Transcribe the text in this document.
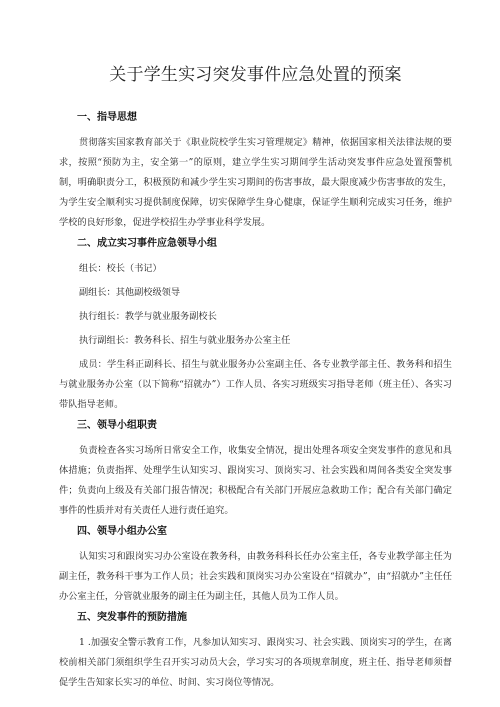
关于学生实习突发事件应急处置的预案
一、指导思想

贯彻落实国家教育部关于《职业院校学生实习管理规定》精神，依据国家相关法律法规的要求，按照“预防为主，安全第一”的原则，建立学生实习期间学生活动突发事件应急处置预警机制，明确职责分工，积极预防和减少学生实习期间的伤害事故，最大限度减少伤害事故的发生，为学生安全顺利实习提供制度保障，切实保障学生身心健康，保证学生顺利完成实习任务，维护学校的良好形象，促进学校招生办学事业科学发展。

二、成立实习事件应急领导小组
组长：校长（书记）
副组长：其他副校级领导
执行组长：教学与就业服务副校长
执行副组长：教务科长、招生与就业服务办公室主任

成员：学生科正副科长、招生与就业服务办公室副主任、各专业教学部主任、教务科和招生与就业服务办公室（以下简称“招就办”）工作人员、各实习班级实习指导老师（班主任）、各实习带队指导老师。

三、领导小组职责

负责检查各实习场所日常安全工作，收集安全情况，提出处理各项安全突发事件的意见和具体措施；负责指挥、处理学生认知实习、跟岗实习、顶岗实习、社会实践和周间各类安全突发事件；负责向上级及有关部门报告情况；积极配合有关部门开展应急救助工作；配合有关部门确定事件的性质并对有关责任人进行责任追究。

四、领导小组办公室

认知实习和跟岗实习办公室设在教务科，由教务科科长任办公室主任，各专业教学部主任为副主任，教务科干事为工作人员；社会实践和顶岗实习办公室设在“招就办”，由“招就办”主任任办公室主任，分管就业服务的副主任为副主任，其他人员为工作人员。

五、突发事件的预防措施

1 .加强安全警示教育工作，凡参加认知实习、跟岗实习、社会实践、顶岗实习的学生，在离校前相关部门须组织学生召开实习动员大会，学习实习的各项规章制度，班主任、指导老师须督促学生告知家长实习的单位、时间、实习岗位等情况。
